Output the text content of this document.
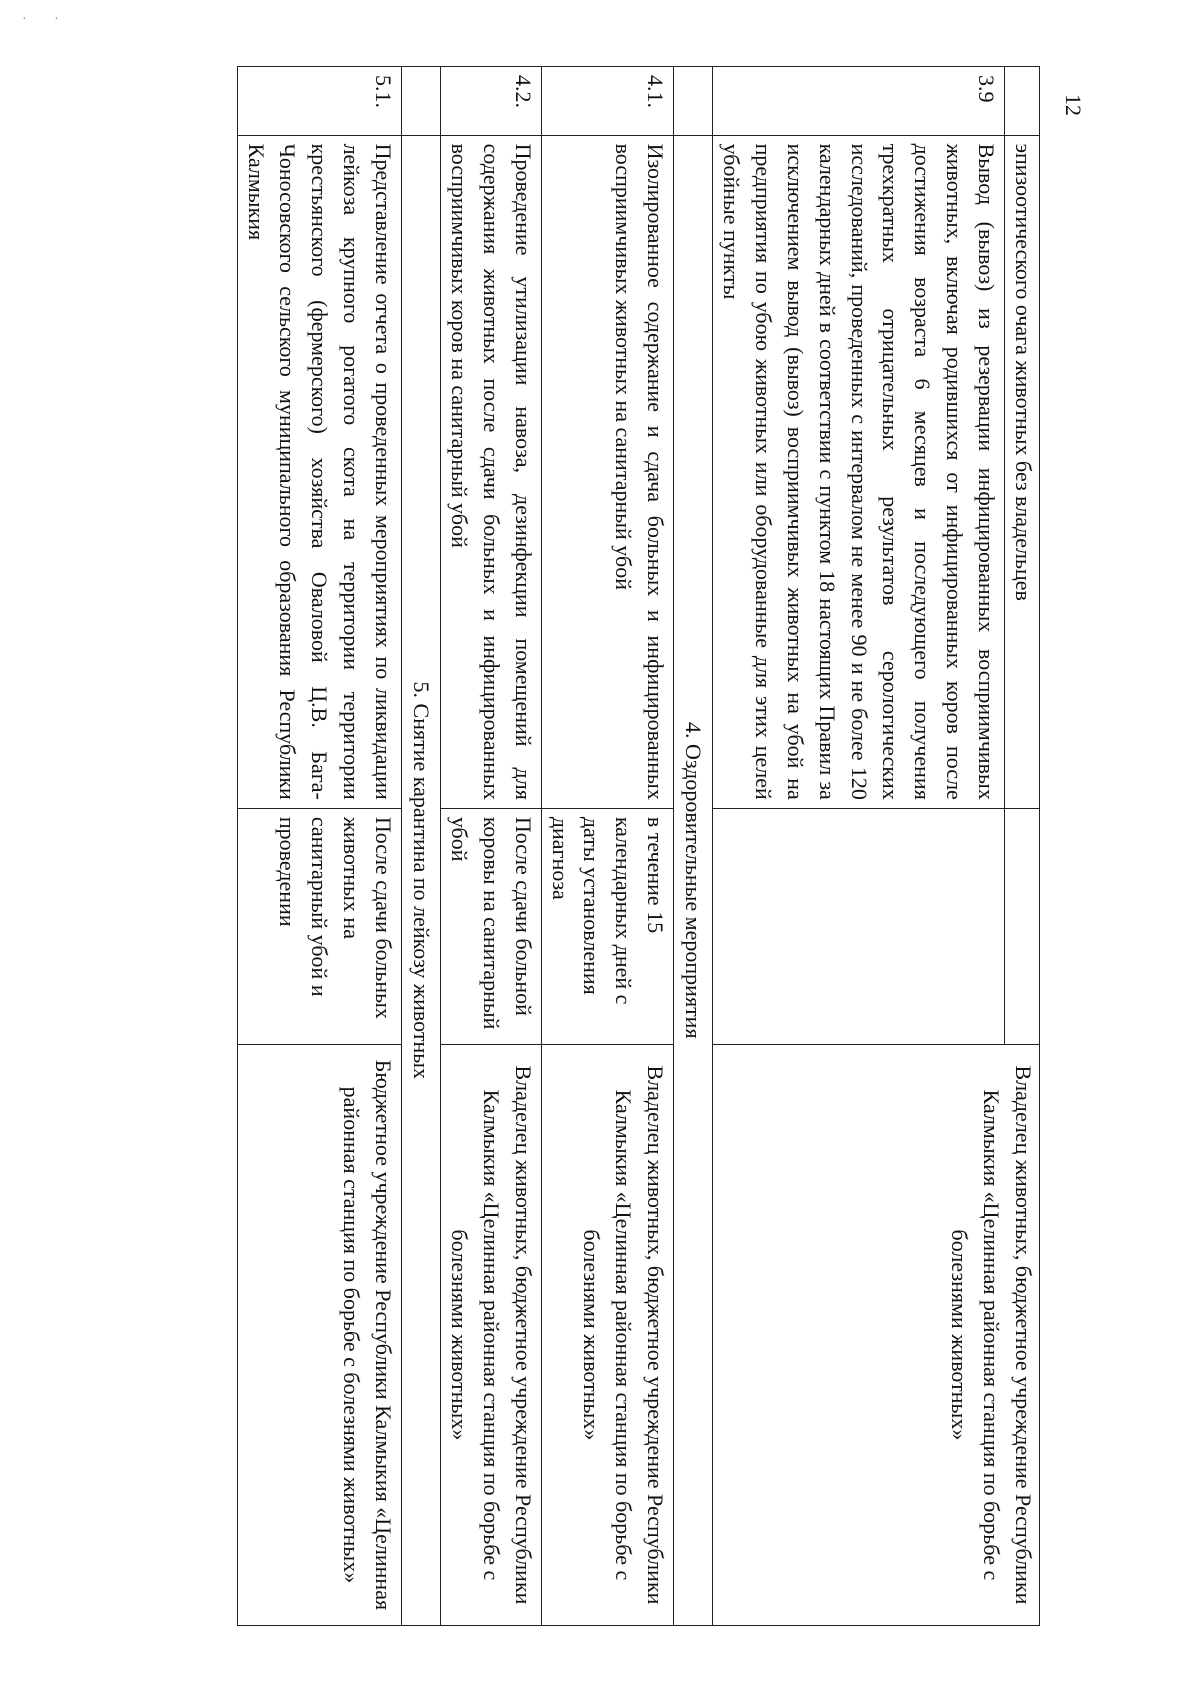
· ·
12
	эпизоотического очага животных без владельцев		Владелец животных, бюджетное учреждение Республики Калмыкия «Целинная районная станция по борьбе с болезнями животных»
3.9	Вывод (вывоз) из резервации инфицированных восприимчивых животных, включая родившихся от инфицированных коров после достижения возраста 6 месяцев и последующего получения трехкратных отрицательных результатов серологических исследований, проведенных с интервалом не менее 90 и не более 120 календарных дней в соответствии с пунктом 18 настоящих Правил за исключением вывод (вывоз) восприимчивых животных на убой на предприятия по убою животных или оборудованные для этих целей убойные пункты		
	4. Оздоровительные мероприятия		
4.1.	Изолированное содержание и сдача больных и инфицированных восприимчивых животных на санитарный убой	в течение 15 календарных дней с даты установления диагноза	Владелец животных, бюджетное учреждение Республики Калмыкия «Целинная районная станция по борьбе с болезнями животных»
4.2.	Проведение утилизации навоза, дезинфекции помещений для содержания животных после сдачи больных и инфицированных восприимчивых коров на санитарный убой	После сдачи больной коровы на санитарный убой	Владелец животных, бюджетное учреждение Республики Калмыкия «Целинная районная станция по борьбе с болезнями животных»
	5. Снятие карантина по лейкозу животных		
5.1.	Представление отчета о проведенных мероприятиях по ликвидации лейкоза крупного рогатого скота на территории территории крестьянского (фермерского) хозяйства Оваловой Ц.В. Бага-Чоносовского сельского муниципального образования Республики Калмыкия	После сдачи больных животных на санитарный убой и проведении	Бюджетное учреждение Республики Калмыкия «Целинная районная станция по борьбе с болезнями животных»
